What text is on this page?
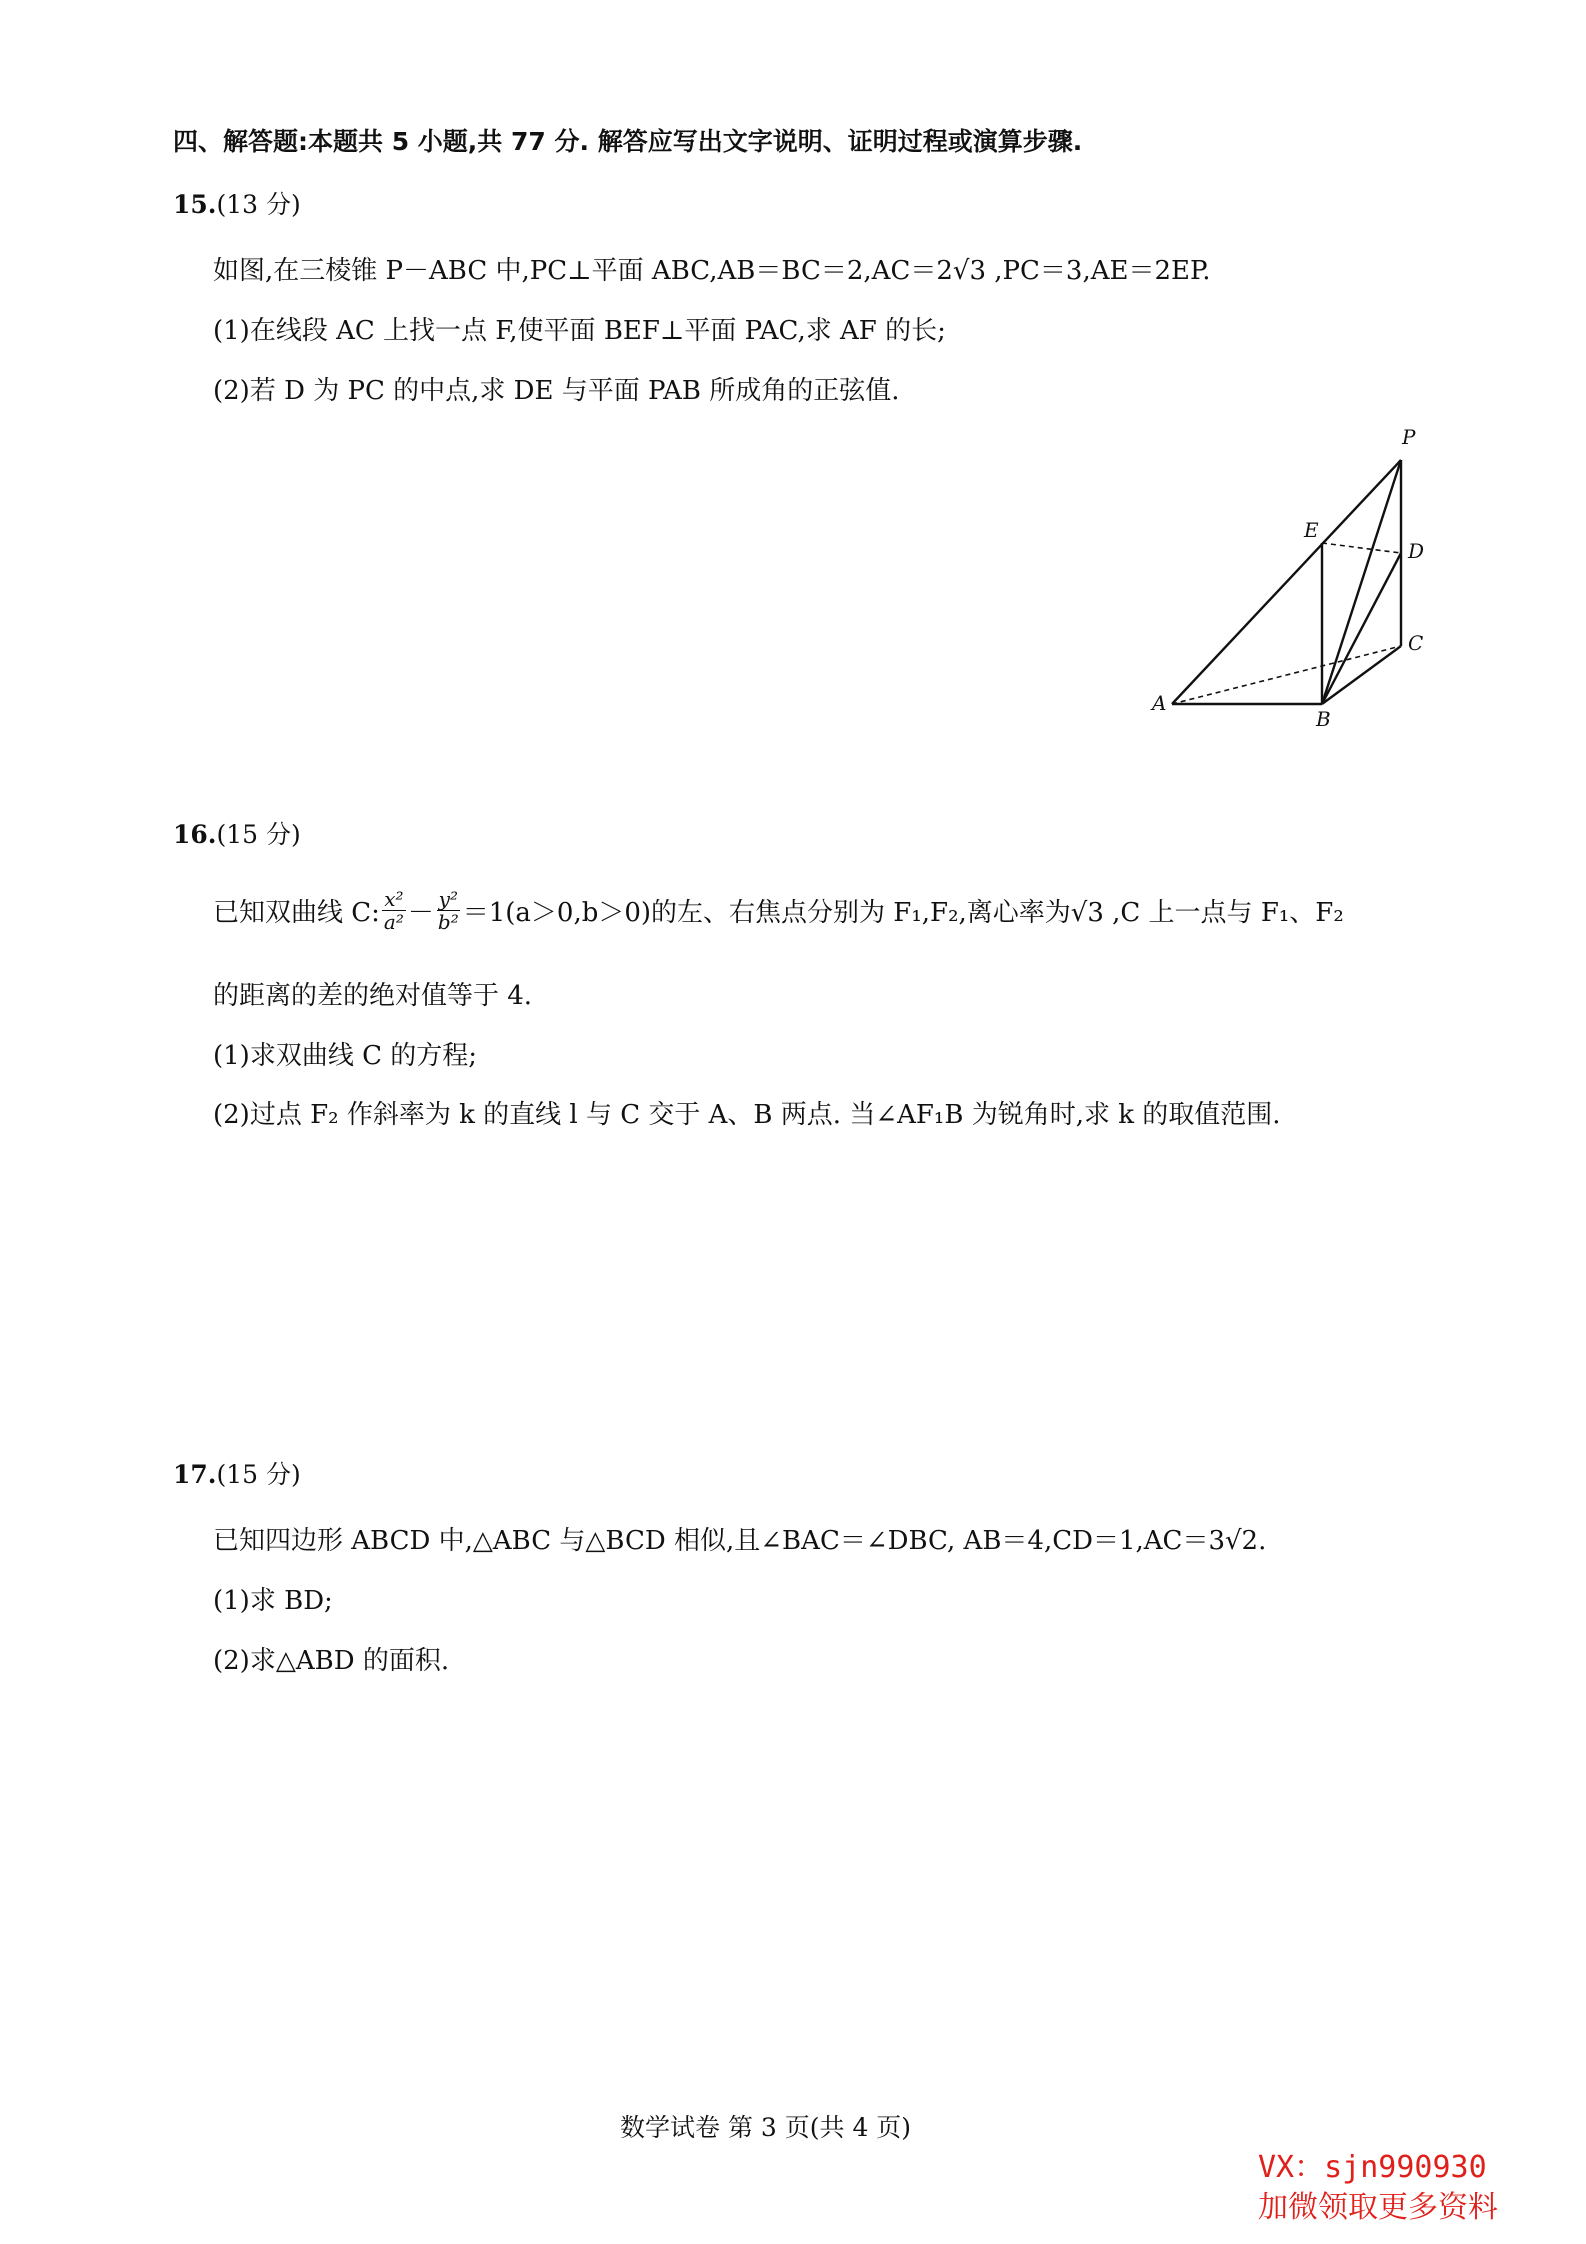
四、解答题:本题共 5 小题,共 77 分. 解答应写出文字说明、证明过程或演算步骤.
15.(13 分)
如图,在三棱锥 P－ABC 中,PC⊥平面 ABC,AB＝BC＝2,AC＝2√3 ,PC＝3,AE＝2EP.
(1)在线段 AC 上找一点 F,使平面 BEF⊥平面 PAC,求 AF 的长;
(2)若 D 为 PC 的中点,求 DE 与平面 PAB 所成角的正弦值.
P
E
D
C
A
B
16.(15 分)
已知双曲线 C: $\frac{\text{x²}}{\text{a²}} - \frac{\text{y²}}{\text{b²}} =1(a>0,b>0)$的左、右焦点分别为 F₁,F₂,离心率为√3 ,C 上一点与 F₁、F₂
的距离的差的绝对值等于 4.
(1)求双曲线 C 的方程;
(2)过点 F₂ 作斜率为 k 的直线 l 与 C 交于 A、B 两点. 当∠AF₁B 为锐角时,求 k 的取值范围.
17.(15 分)
已知四边形 ABCD 中,△ABC 与△BCD 相似,且∠BAC＝∠DBC, AB＝4,CD＝1,AC＝3√2.
(1)求 BD;
(2)求△ABD 的面积.
数学试卷 第 3 页(共 4 页)
VX：sjn990930
加微领取更多资料
